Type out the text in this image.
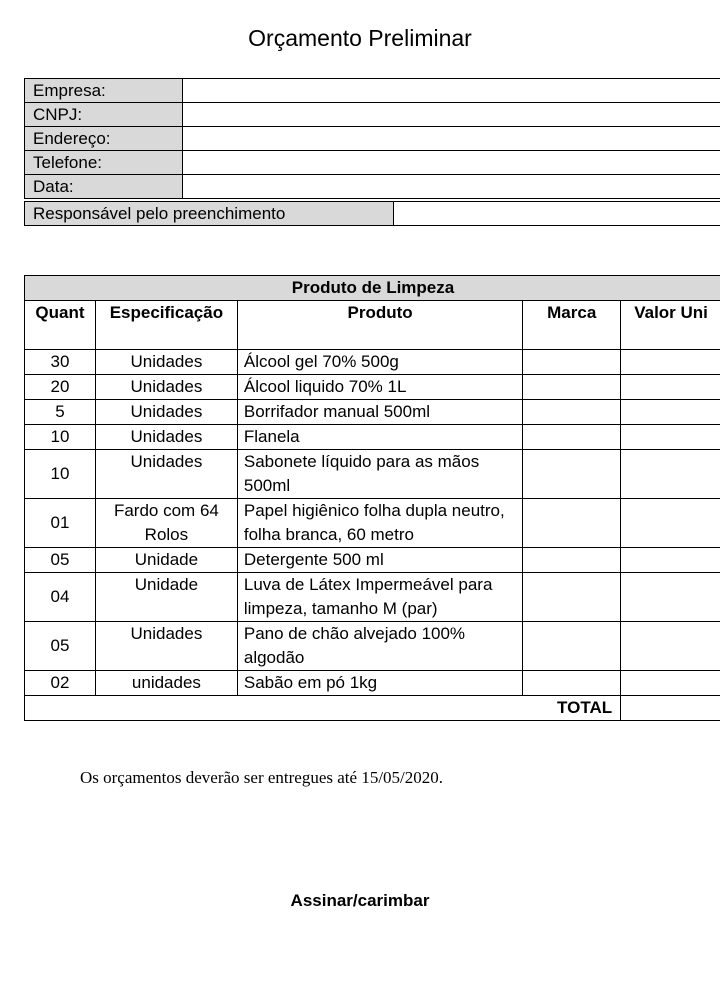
Orçamento Preliminar
Empresa:	
CNPJ:	
Endereço:	
Telefone:	
Data:	
Responsável pelo preenchimento	
Produto de Limpeza				
Quant	Especificação	Produto	Marca	Valor Uni
30	Unidades	Álcool gel 70% 500g		
20	Unidades	Álcool liquido 70% 1L		
5	Unidades	Borrifador manual 500ml		
10	Unidades	Flanela		
10	Unidades	Sabonete líquido para as mãos 500ml		
01	Fardo com 64 Rolos	Papel higiênico folha dupla neutro, folha branca, 60 metro		
05	Unidade	Detergente 500 ml		
04	Unidade	Luva de Látex Impermeável para limpeza, tamanho M (par)		
05	Unidades	Pano de chão alvejado 100% algodão		
02	unidades	Sabão em pó 1kg		
TOTAL				
Os orçamentos deverão ser entregues até 15/05/2020.
Assinar/carimbar
